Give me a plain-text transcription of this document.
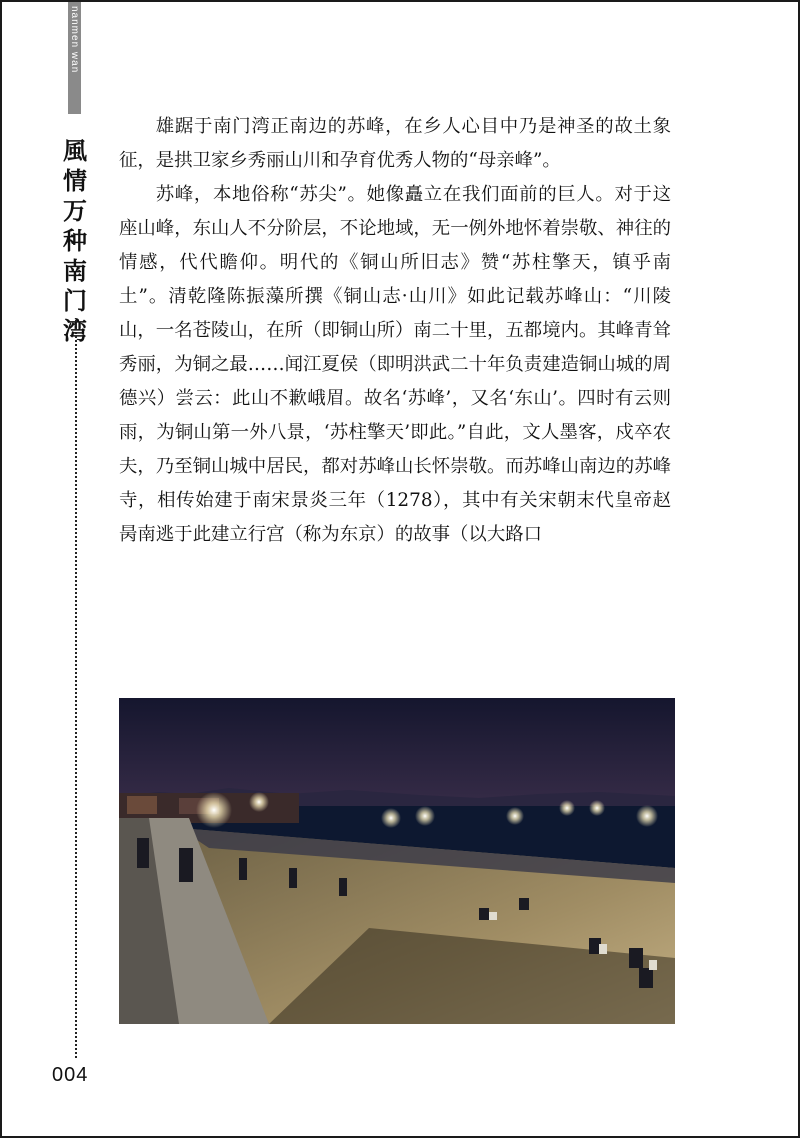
nanmen wan
風
情
万
种
南
门
湾

雄踞于南门湾正南边的苏峰，在乡人心目中乃是神圣的故土象征，是拱卫家乡秀丽山川和孕育优秀人物的“母亲峰”。

苏峰，本地俗称“苏尖”。她像矗立在我们面前的巨人。对于这座山峰，东山人不分阶层，不论地域，无一例外地怀着崇敬、神往的情感，代代瞻仰。明代的《铜山所旧志》赞“苏柱擎天，镇乎南土”。清乾隆陈振藻所撰《铜山志·山川》如此记载苏峰山：“川陵山，一名苍陵山，在所（即铜山所）南二十里，五都境内。其峰青耸秀丽，为铜之最……闻江夏侯（即明洪武二十年负责建造铜山城的周德兴）尝云：此山不歉峨眉。故名‘苏峰’，又名‘东山’。四时有云则雨，为铜山第一外八景，‘苏柱擎天’即此。”自此，文人墨客，戍卒农夫，乃至铜山城中居民，都对苏峰山长怀崇敬。而苏峰山南边的苏峰寺，相传始建于南宋景炎三年（1278），其中有关宋朝末代皇帝赵昺南逃于此建立行宫（称为东京）的故事（以大路口

004
